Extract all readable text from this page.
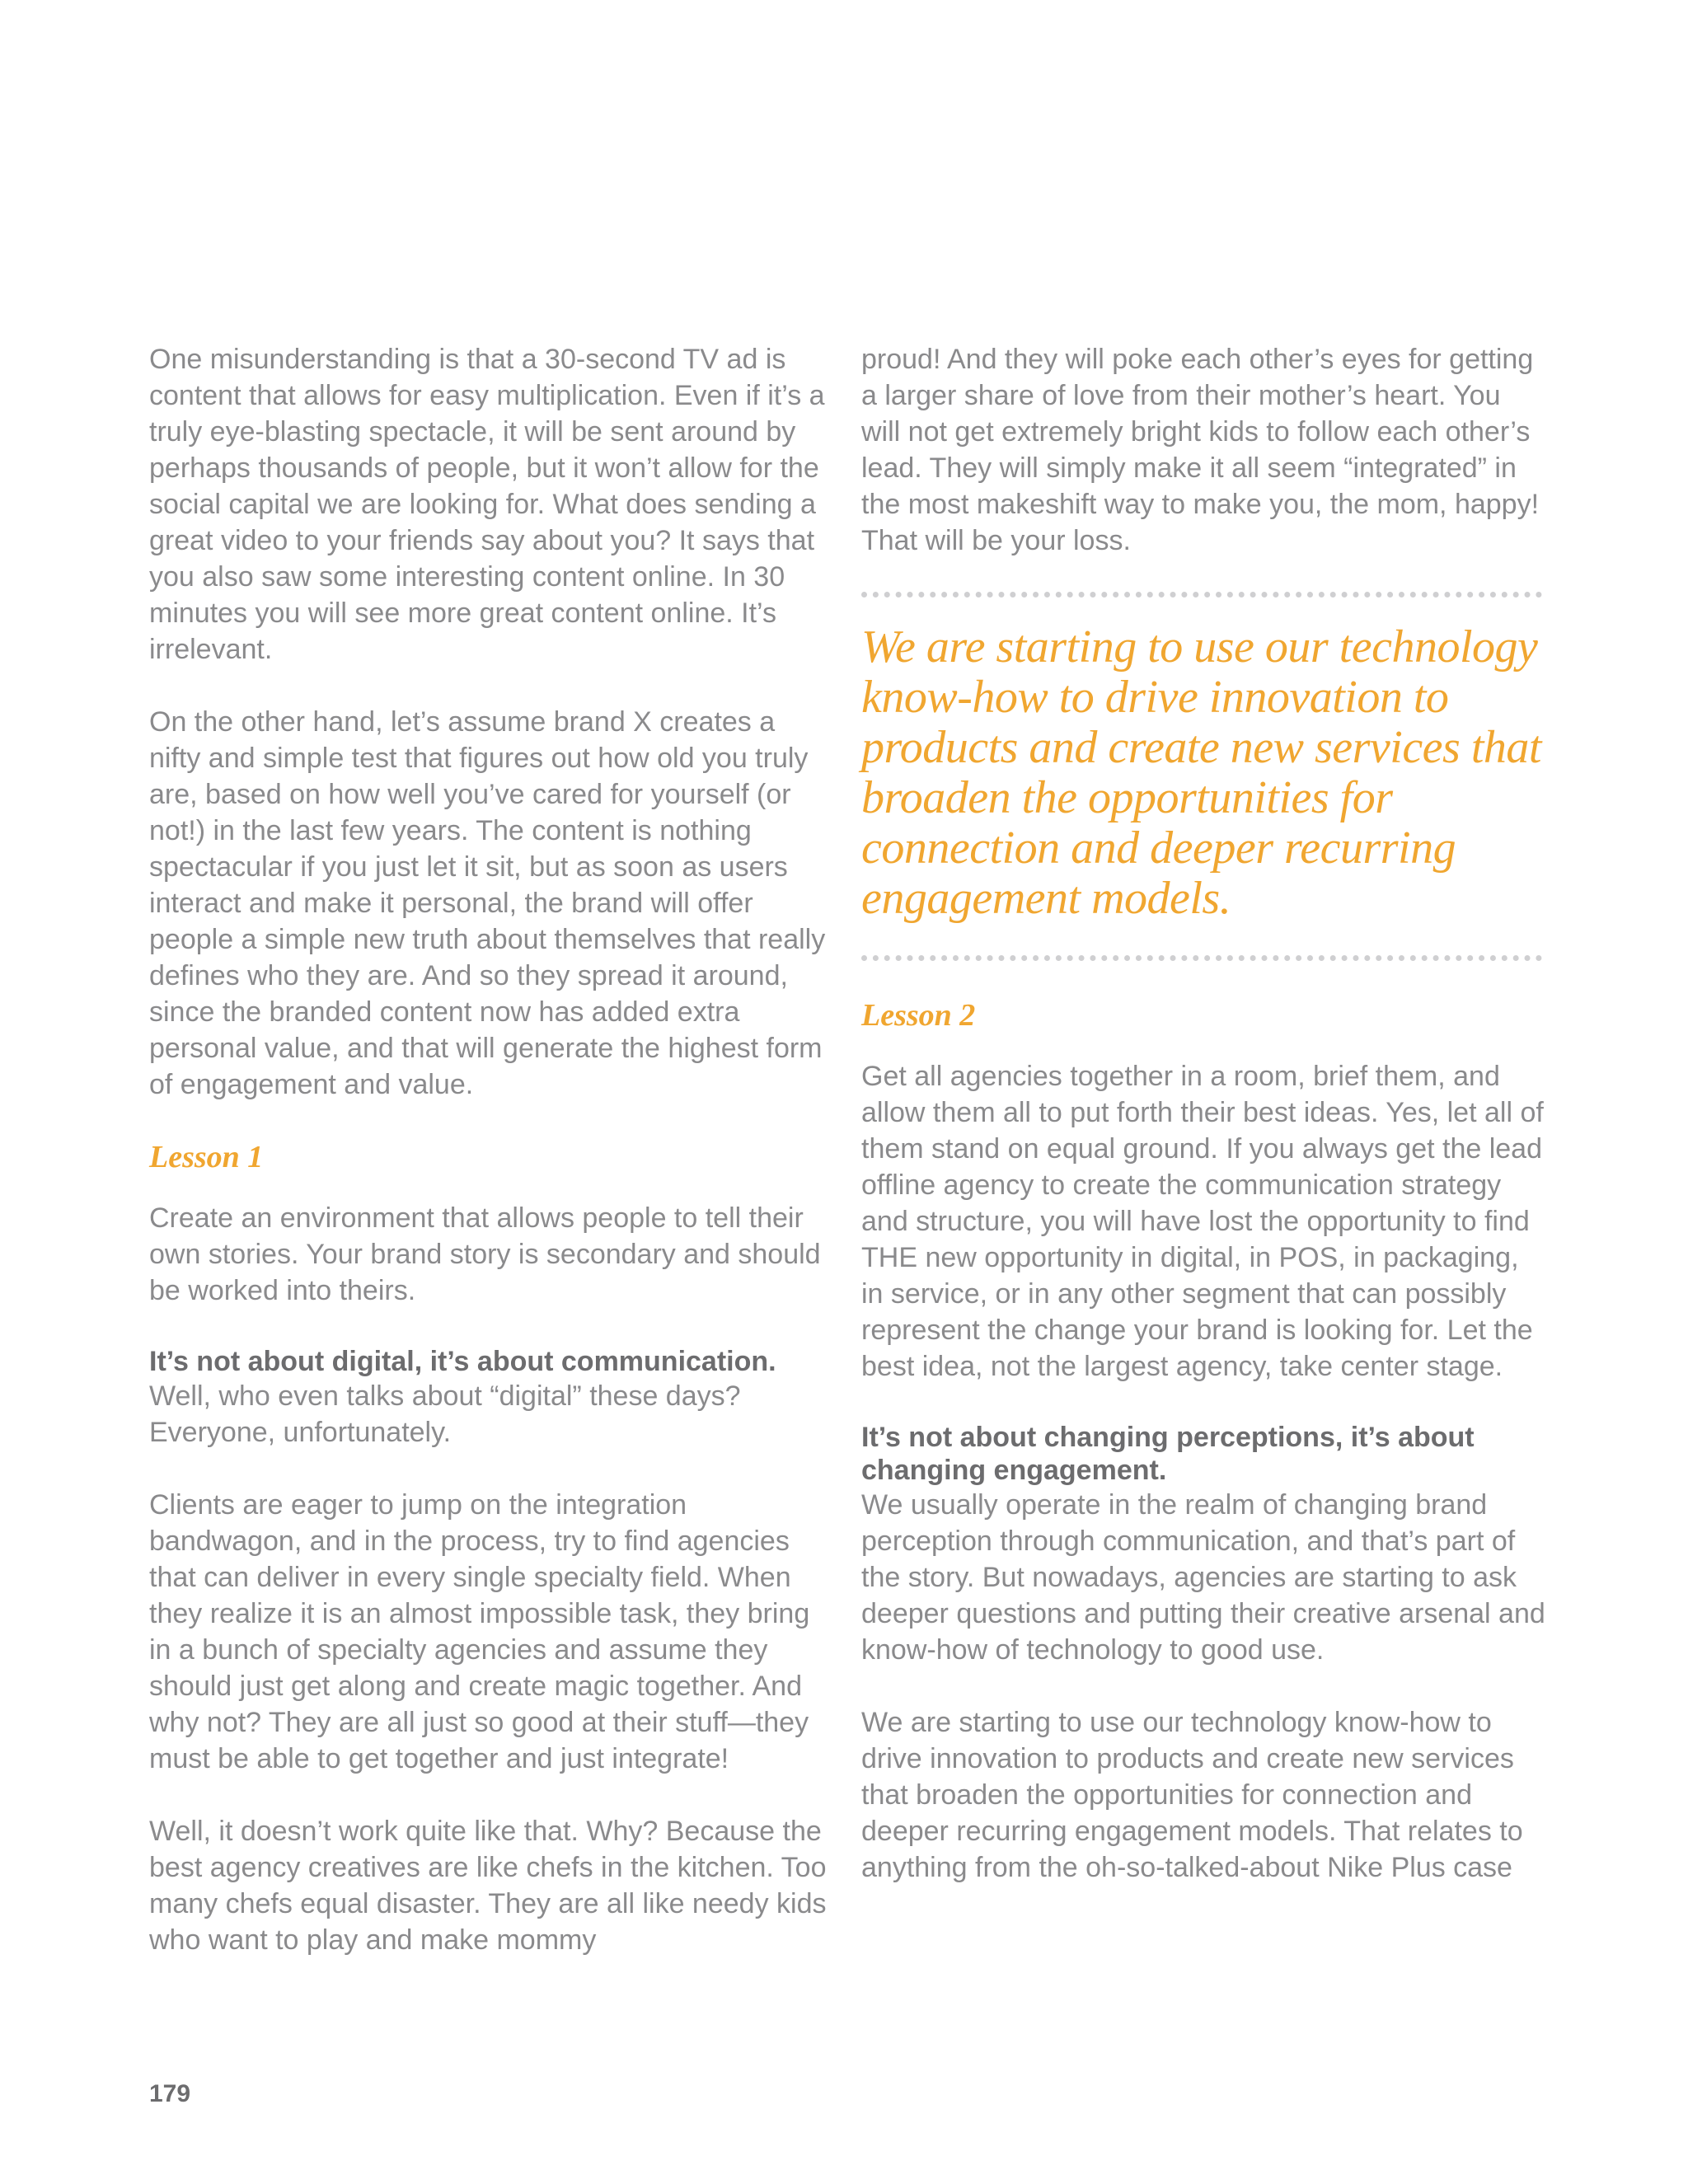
One misunderstanding is that a 30-second TV ad is content that allows for easy multiplication. Even if it’s a truly eye-blasting spectacle, it will be sent around by perhaps thousands of people, but it won’t allow for the social capital we are looking for. What does sending a great video to your friends say about you? It says that you also saw some interesting content online. In 30 minutes you will see more great content online. It’s irrelevant.

On the other hand, let’s assume brand X creates a nifty and simple test that figures out how old you truly are, based on how well you’ve cared for yourself (or not!) in the last few years. The content is nothing spectacular if you just let it sit, but as soon as users interact and make it personal, the brand will offer people a simple new truth about themselves that really defines who they are. And so they spread it around, since the branded content now has added extra personal value, and that will generate the highest form of engagement and value.

Lesson 1

Create an environment that allows people to tell their own stories. Your brand story is secondary and should be worked into theirs.

It’s not about digital, it’s about communication.

Well, who even talks about “digital” these days? Everyone, unfortunately.

Clients are eager to jump on the integration bandwagon, and in the process, try to find agencies that can deliver in every single specialty field. When they realize it is an almost impossible task, they bring in a bunch of specialty agencies and assume they should just get along and create magic together. And why not? They are all just so good at their stuff—they must be able to get together and just integrate!

Well, it doesn’t work quite like that. Why? Because the best agency creatives are like chefs in the kitchen. Too many chefs equal disaster. They are all like needy kids who want to play and make mommy

proud! And they will poke each other’s eyes for getting a larger share of love from their mother’s heart. You will not get extremely bright kids to follow each other’s lead. They will simply make it all seem “integrated” in the most makeshift way to make you, the mom, happy! That will be your loss.

We are starting to use our technology know-how to drive innovation to products and create new services that broaden the opportunities for connection and deeper recurring engagement models.

Lesson 2

Get all agencies together in a room, brief them, and allow them all to put forth their best ideas. Yes, let all of them stand on equal ground. If you always get the lead offline agency to create the communication strategy and structure, you will have lost the opportunity to find THE new opportunity in digital, in POS, in packaging, in service, or in any other segment that can possibly represent the change your brand is looking for. Let the best idea, not the largest agency, take center stage.

It’s not about changing perceptions, it’s about changing engagement.

We usually operate in the realm of changing brand perception through communication, and that’s part of the story. But nowadays, agencies are starting to ask deeper questions and putting their creative arsenal and know-how of technology to good use.

We are starting to use our technology know-how to drive innovation to products and create new services that broaden the opportunities for connection and deeper recurring engagement models. That relates to anything from the oh-so-talked-about Nike Plus case

179
